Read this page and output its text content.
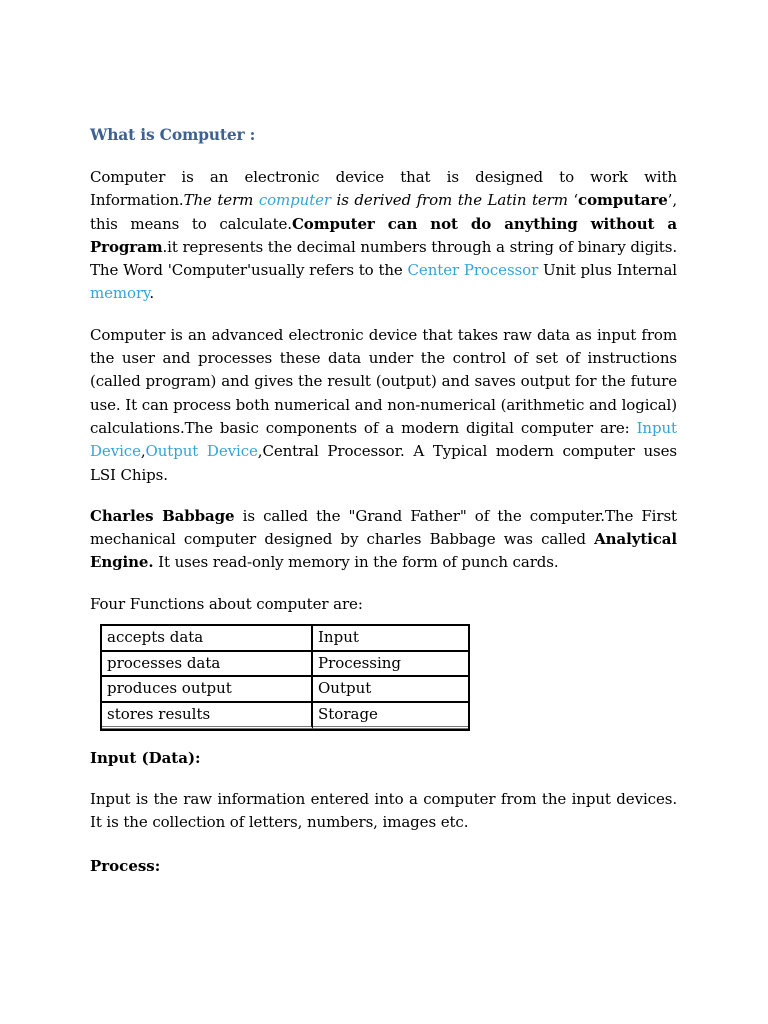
What is Computer :

Computer is an electronic device that is designed to work with Information.The term computer is derived from the Latin term ‘computare’, this means to calculate.Computer can not do anything without a Program.it represents the decimal numbers through a string of binary digits. The Word 'Computer'usually refers to the Center Processor Unit plus Internal memory.

Computer is an advanced electronic device that takes raw data as input from the user and processes these data under the control of set of instructions (called program) and gives the result (output) and saves output for the future use. It can process both numerical and non-numerical (arithmetic and logical) calculations.The basic components of a modern digital computer are: Input Device,Output Device,Central Processor. A Typical modern computer uses LSI Chips.

Charles Babbage is called the "Grand Father" of the computer.The First mechanical computer designed by charles Babbage was called Analytical Engine. It uses read-only memory in the form of punch cards.

Four Functions about computer are:

accepts data	Input
processes data	Processing
produces output	Output
stores results	Storage
Input (Data):

Input is the raw information entered into a computer from the input devices. It is the collection of letters, numbers, images etc.

Process:
